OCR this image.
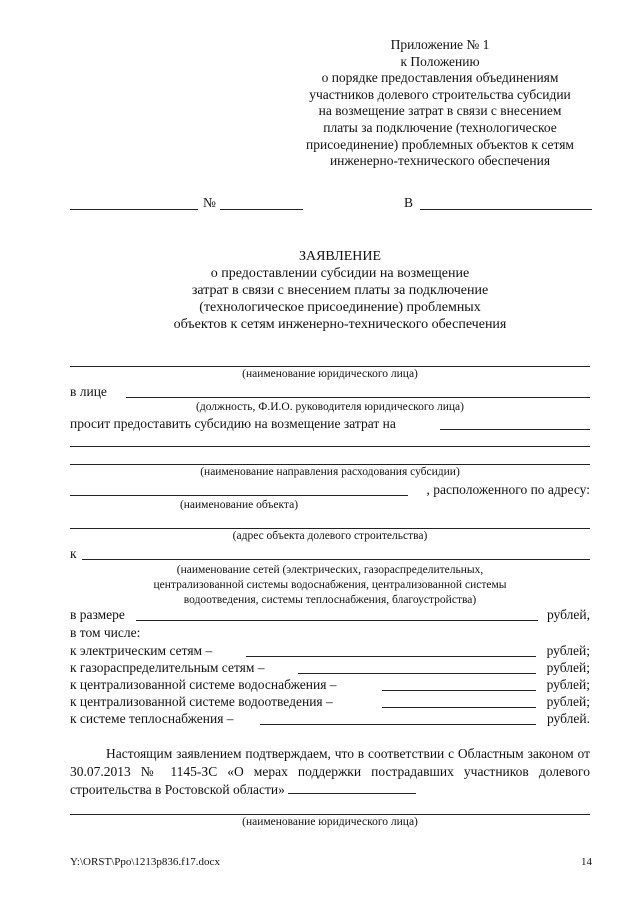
Приложение № 1
к Положению
о порядке предоставления объединениям
участников долевого строительства субсидии
на возмещение затрат в связи с внесением
платы за подключение (технологическое
присоединение) проблемных объектов к сетям
инженерно-технического обеспечения
№	В
ЗАЯВЛЕНИЕ
о предоставлении субсидии на возмещение
затрат в связи с внесением платы за подключение
(технологическое присоединение) проблемных
объектов к сетям инженерно-технического обеспечения
(наименование юридического лица)
в лице
(должность, Ф.И.О. руководителя юридического лица)
просит предоставить субсидию на возмещение затрат на
(наименование направления расходования субсидии)
, расположенного по адресу:
(наименование объекта)
(адрес объекта долевого строительства)
к
(наименование сетей (электрических, газораспределительных,
централизованной системы водоснабжения, централизованной системы
водоотведения, системы теплоснабжения, благоустройства)
в размере	рублей,
в том числе:
к электрическим сетям –	рублей;
к газораспределительным сетям –	рублей;
к централизованной системе водоснабжения –	рублей;
к централизованной системе водоотведения –	рублей;
к системе теплоснабжения –	рублей.
Настоящим заявлением подтверждаем, что в соответствии с Областным законом от 30.07.2013 № 1145-ЗС «О мерах поддержки пострадавших участников долевого строительства в Ростовской области»
(наименование юридического лица)
Y:\ORST\Ppo\1213p836.f17.docx	14
